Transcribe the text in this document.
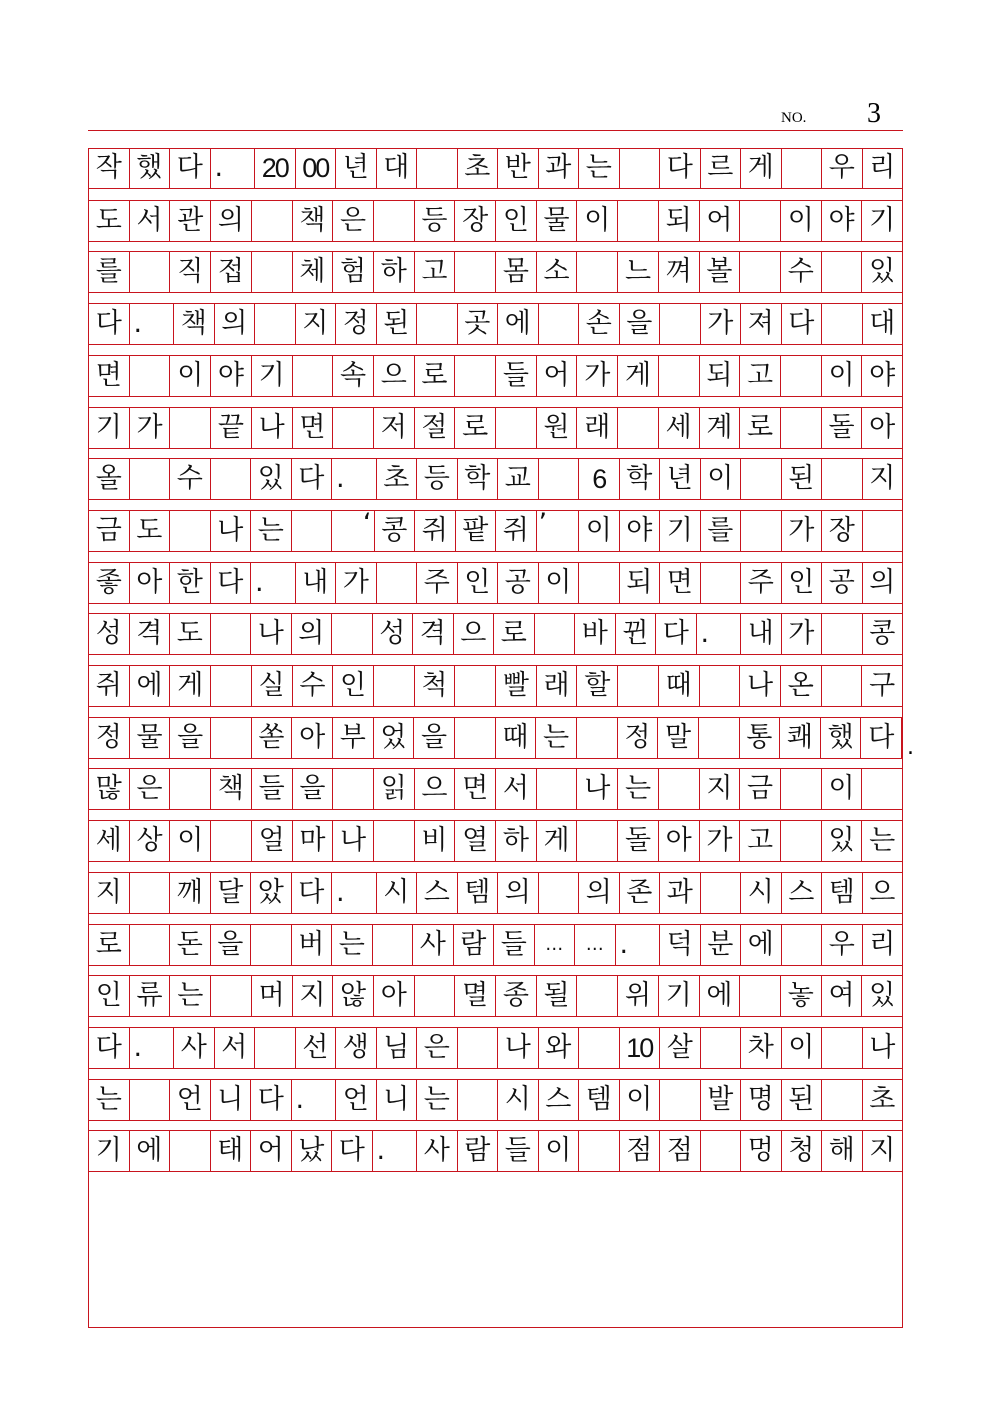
NO. 3
작 했 다 .	20 00 년 대 초 반 과 는 다 르 게 우 리
도 서 관 의 책 은 등 장 인 물 이 되 어 이 야 기
를 직 접 체 험 하 고 몸 소 느 껴 볼 수 있
다 .	책 의 지 정 된 곳 에 손 을 가 져 다 대
면 이 야 기 속 으 로 들 어 가 게 되 고 이 야
기 가 끝 나 면 저 절 로 원 래 세 계 로 돌 아
올 수 있 다 .	초 등 학 교	6 학 년 이 된 지
금 도 나 는	‘ 콩 쥐 팥 쥐 ’	이 야 기 를 가 장
좋 아 한 다 .	내 가 주 인 공 이 되 면 주 인 공 의
성 격 도 나 의 성 격 으 로 바 뀐 다 .	내 가 콩
쥐 에 게 실 수 인 척 빨 래 할 때 나 온 구
정 물 을 쏟 아 부 었 을 때 는 정 말 통 쾌 했 다 .
많 은 책 들 을 읽 으 면 서 나 는 지 금 이
세 상 이 얼 마 나 비 열 하 게 돌 아 가 고 있 는
지 깨 달 았 다 .	시 스 템 의 의 존 과 시 스 템 으
로 돈 을 버 는 사 람 들	…	… .	덕 분 에 우 리
인 류 는 머 지 않 아 멸 종 될 위 기 에 놓 여 있
다 .	사 서 선 생 님 은 나 와 10 살 차 이 나
는 언 니 다 .	언 니 는 시 스 템 이 발 명 된 초
기 에 태 어 났 다 .	사 람 들 이 점 점 멍 청 해 지
